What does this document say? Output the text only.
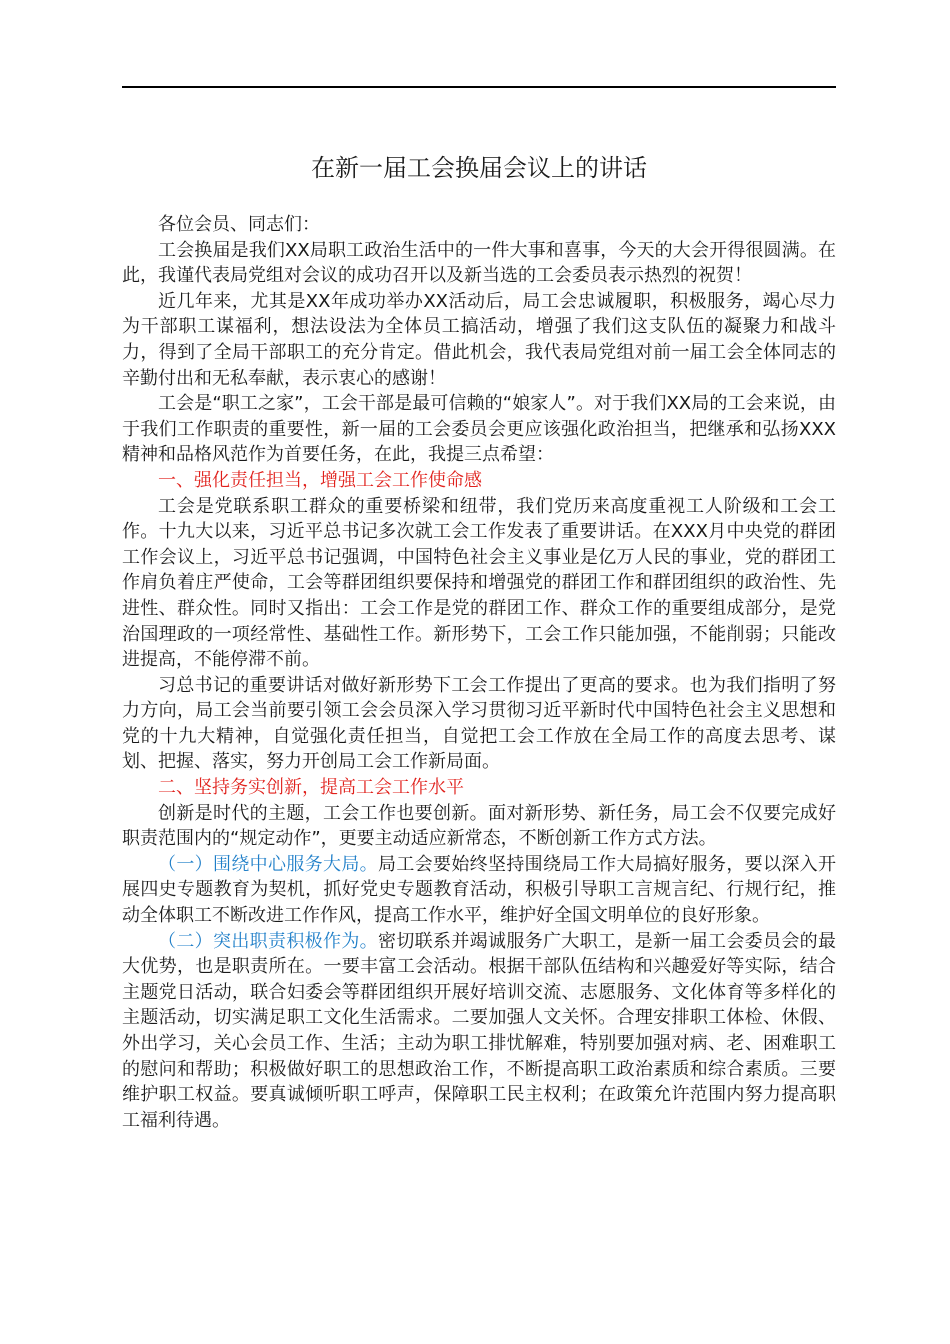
在新一届工会换届会议上的讲话

各位会员、同志们：

工会换届是我们XX局职工政治生活中的一件大事和喜事，今天的大会开得很圆满。在此，我谨代表局党组对会议的成功召开以及新当选的工会委员表示热烈的祝贺！

近几年来，尤其是XX年成功举办XX活动后，局工会忠诚履职，积极服务，竭心尽力为干部职工谋福利，想法设法为全体员工搞活动，增强了我们这支队伍的凝聚力和战斗力，得到了全局干部职工的充分肯定。借此机会，我代表局党组对前一届工会全体同志的辛勤付出和无私奉献，表示衷心的感谢！

工会是“职工之家”，工会干部是最可信赖的“娘家人”。对于我们XX局的工会来说，由于我们工作职责的重要性，新一届的工会委员会更应该强化政治担当，把继承和弘扬XXX精神和品格风范作为首要任务，在此，我提三点希望：

一、强化责任担当，增强工会工作使命感

工会是党联系职工群众的重要桥梁和纽带，我们党历来高度重视工人阶级和工会工作。十九大以来，习近平总书记多次就工会工作发表了重要讲话。在XXX月中央党的群团工作会议上，习近平总书记强调，中国特色社会主义事业是亿万人民的事业，党的群团工作肩负着庄严使命，工会等群团组织要保持和增强党的群团工作和群团组织的政治性、先进性、群众性。同时又指出：工会工作是党的群团工作、群众工作的重要组成部分，是党治国理政的一项经常性、基础性工作。新形势下，工会工作只能加强，不能削弱；只能改进提高，不能停滞不前。

习总书记的重要讲话对做好新形势下工会工作提出了更高的要求。也为我们指明了努力方向，局工会当前要引领工会会员深入学习贯彻习近平新时代中国特色社会主义思想和党的十九大精神，自觉强化责任担当，自觉把工会工作放在全局工作的高度去思考、谋划、把握、落实，努力开创局工会工作新局面。

二、坚持务实创新，提高工会工作水平

创新是时代的主题，工会工作也要创新。面对新形势、新任务，局工会不仅要完成好职责范围内的“规定动作”，更要主动适应新常态，不断创新工作方式方法。

（一）围绕中心服务大局。局工会要始终坚持围绕局工作大局搞好服务，要以深入开展四史专题教育为契机，抓好党史专题教育活动，积极引导职工言规言纪、行规行纪，推动全体职工不断改进工作作风，提高工作水平，维护好全国文明单位的良好形象。

（二）突出职责积极作为。密切联系并竭诚服务广大职工，是新一届工会委员会的最大优势，也是职责所在。一要丰富工会活动。根据干部队伍结构和兴趣爱好等实际，结合主题党日活动，联合妇委会等群团组织开展好培训交流、志愿服务、文化体育等多样化的主题活动，切实满足职工文化生活需求。二要加强人文关怀。合理安排职工体检、休假、外出学习，关心会员工作、生活；主动为职工排忧解难，特别要加强对病、老、困难职工的慰问和帮助；积极做好职工的思想政治工作，不断提高职工政治素质和综合素质。三要维护职工权益。要真诚倾听职工呼声，保障职工民主权利；在政策允许范围内努力提高职工福利待遇。
